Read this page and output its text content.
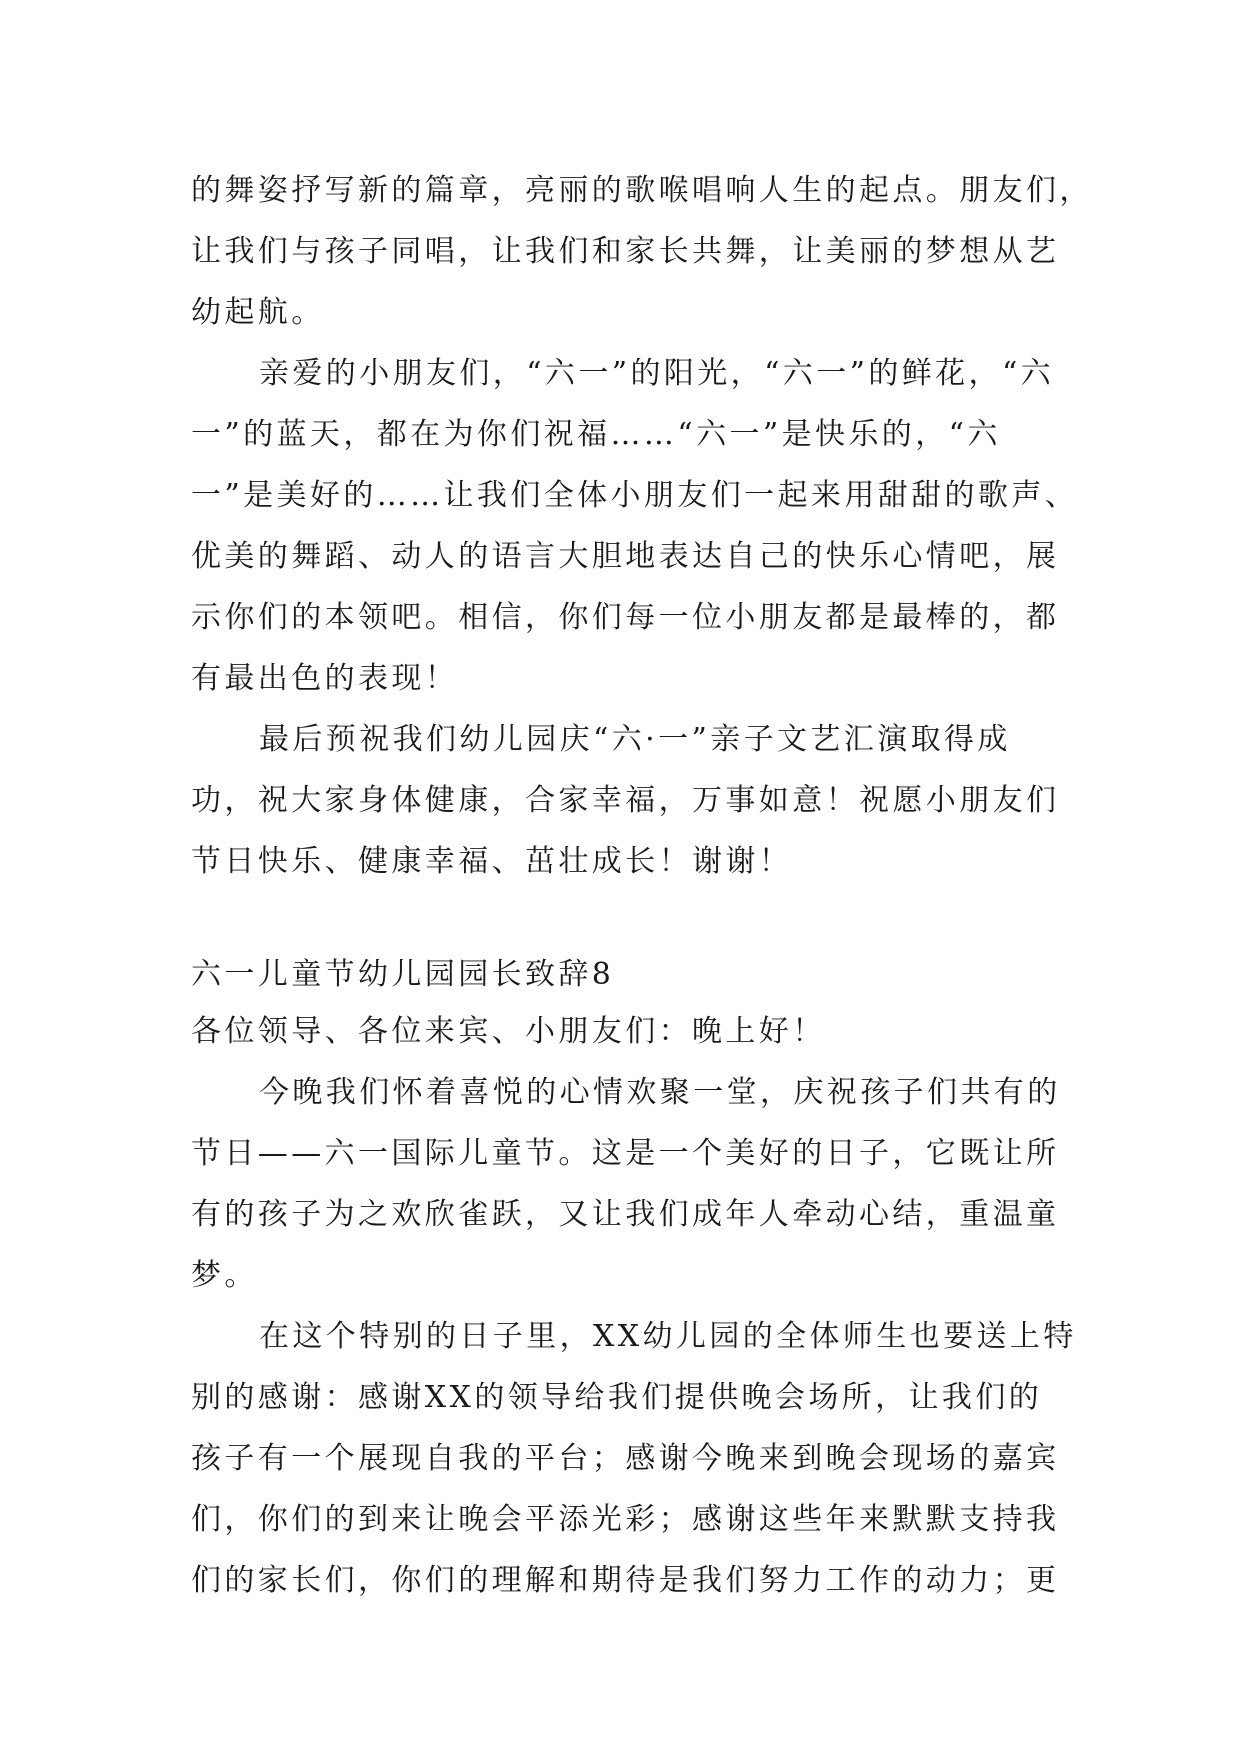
的舞姿抒写新的篇章，亮丽的歌喉唱响人生的起点。朋友们，
让我们与孩子同唱，让我们和家长共舞，让美丽的梦想从艺
幼起航。
亲爱的小朋友们，“六一”的阳光，“六一”的鲜花，“六
一”的蓝天，都在为你们祝福……“六一”是快乐的，“六
一”是美好的……让我们全体小朋友们一起来用甜甜的歌声、
优美的舞蹈、动人的语言大胆地表达自己的快乐心情吧，展
示你们的本领吧。相信，你们每一位小朋友都是最棒的，都
有最出色的表现！
最后预祝我们幼儿园庆“六·一”亲子文艺汇演取得成
功，祝大家身体健康，合家幸福，万事如意！祝愿小朋友们
节日快乐、健康幸福、茁壮成长！谢谢！
六一儿童节幼儿园园长致辞8
各位领导、各位来宾、小朋友们：晚上好！
今晚我们怀着喜悦的心情欢聚一堂，庆祝孩子们共有的
节日——六一国际儿童节。这是一个美好的日子，它既让所
有的孩子为之欢欣雀跃，又让我们成年人牵动心结，重温童
梦。
在这个特别的日子里，XX幼儿园的全体师生也要送上特
别的感谢：感谢XX的领导给我们提供晚会场所，让我们的
孩子有一个展现自我的平台；感谢今晚来到晚会现场的嘉宾
们，你们的到来让晚会平添光彩；感谢这些年来默默支持我
们的家长们，你们的理解和期待是我们努力工作的动力；更
